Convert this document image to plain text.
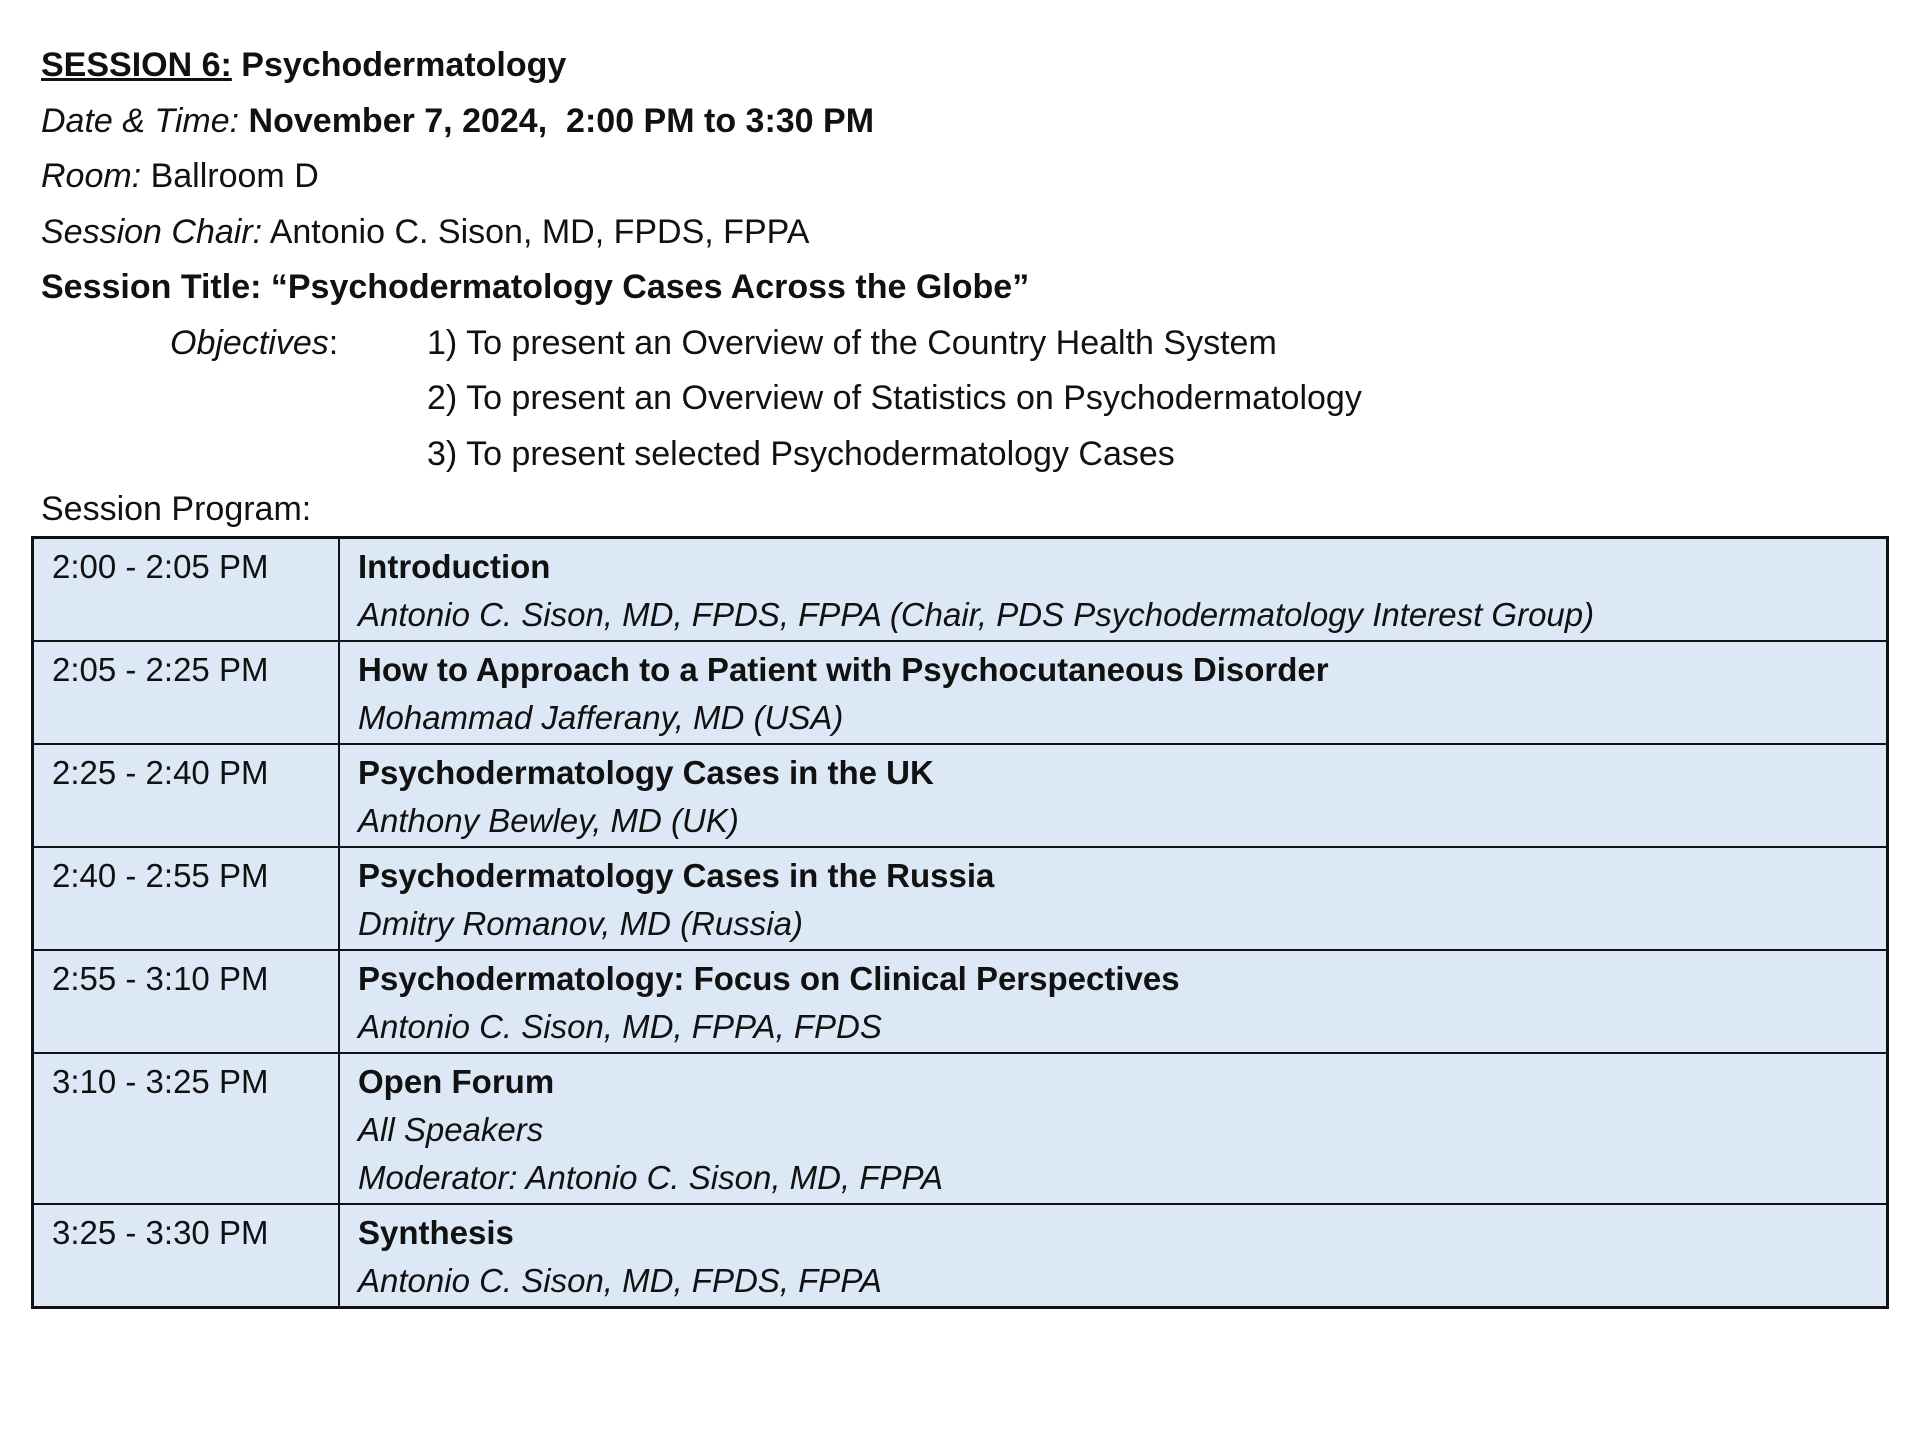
SESSION 6: Psychodermatology
Date & Time: November 7, 2024,  2:00 PM to 3:30 PM
Room: Ballroom D
Session Chair: Antonio C. Sison, MD, FPDS, FPPA
Session Title: “Psychodermatology Cases Across the Globe”
Objectives:	1) To present an Overview of the Country Health System
2) To present an Overview of Statistics on Psychodermatology
3) To present selected Psychodermatology Cases
Session Program:
2:00 - 2:05 PM	Introduction
Antonio C. Sison, MD, FPDS, FPPA (Chair, PDS Psychodermatology Interest Group)

2:05 - 2:25 PM	How to Approach to a Patient with Psychocutaneous Disorder
Mohammad Jafferany, MD (USA)

2:25 - 2:40 PM	Psychodermatology Cases in the UK
Anthony Bewley, MD (UK)

2:40 - 2:55 PM	Psychodermatology Cases in the Russia
Dmitry Romanov, MD (Russia)

2:55 - 3:10 PM	Psychodermatology: Focus on Clinical Perspectives
Antonio C. Sison, MD, FPPA, FPDS

3:10 - 3:25 PM	Open Forum
All Speakers
Moderator: Antonio C. Sison, MD, FPPA

3:25 - 3:30 PM	Synthesis
Antonio C. Sison, MD, FPDS, FPPA
